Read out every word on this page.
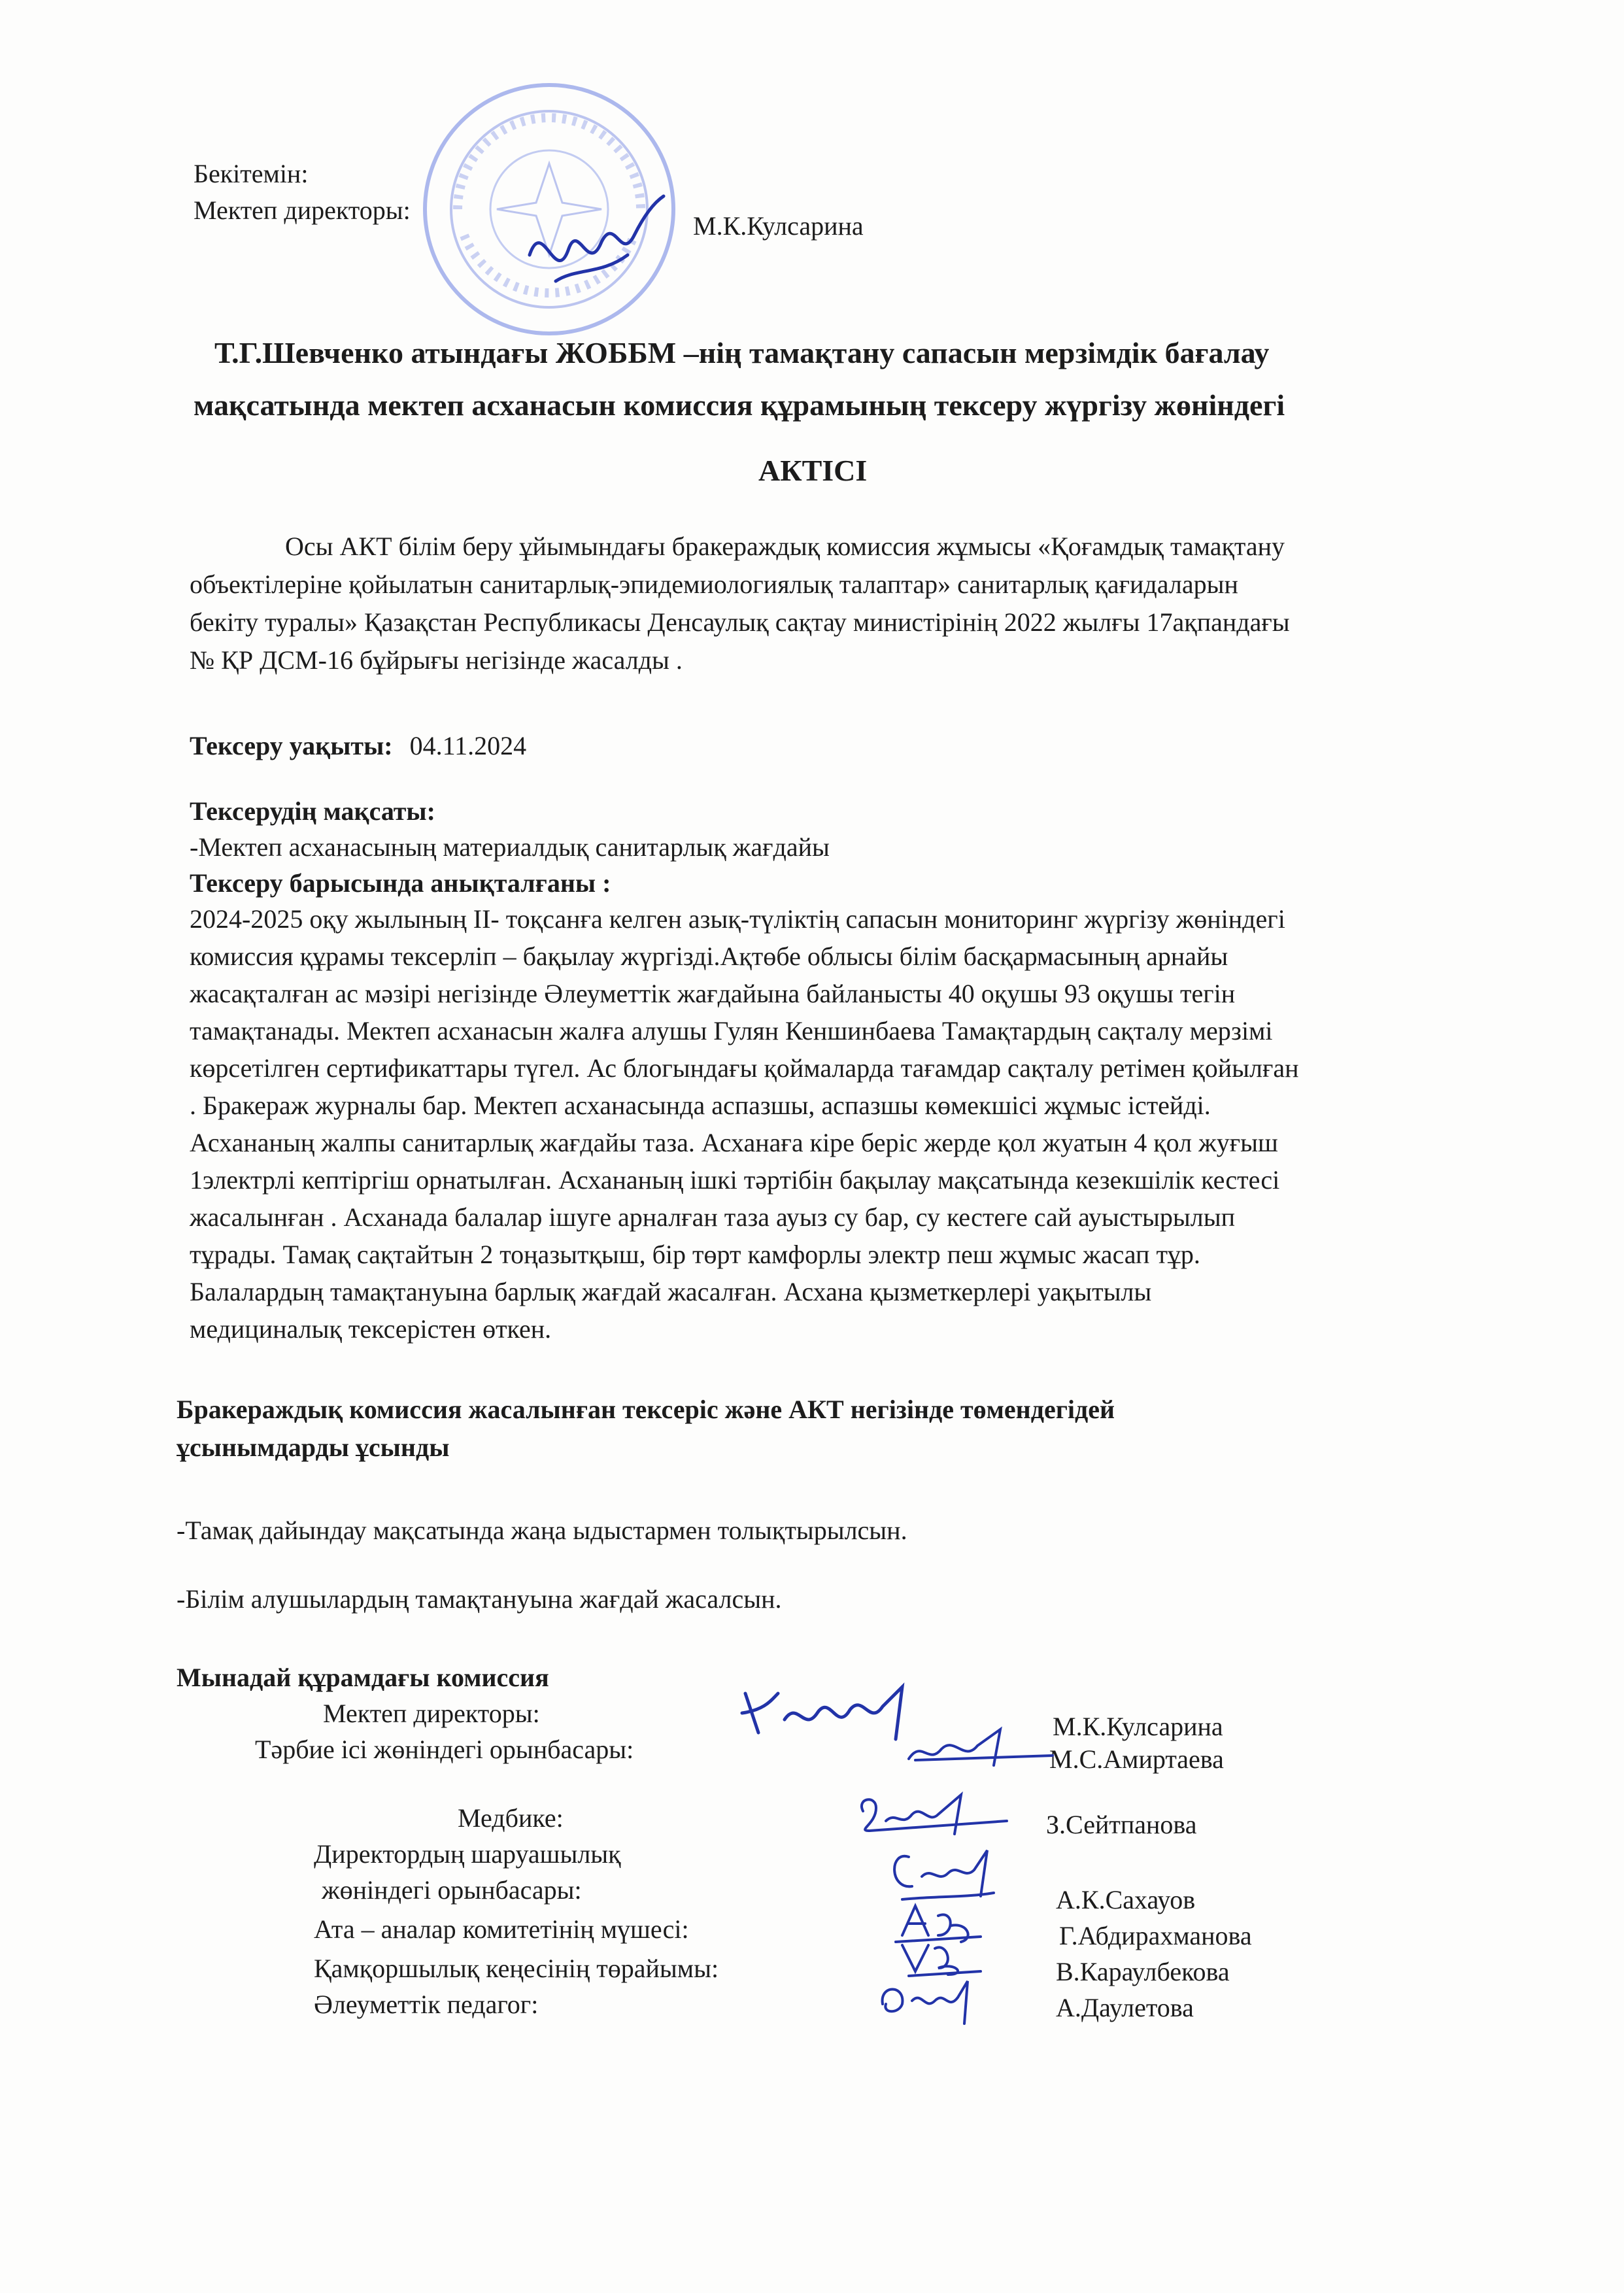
Бекітемін:
Мектеп директоры:
М.К.Кулсарина
Т.Г.Шевченко атындағы ЖОББМ –нің тамақтану сапасын мерзімдік бағалау
мақсатында мектеп асханасын комиссия құрамының тексеру жүргізу жөніндегі
АКТІСІ
Осы АКТ білім беру ұйымындағы бракераждық комиссия жұмысы «Қоғамдық тамақтану
объектілеріне қойылатын санитарлық-эпидемиологиялық талаптар» санитарлық қағидаларын
бекіту туралы» Қазақстан Республикасы Денсаулық сақтау министірінің 2022 жылғы 17ақпандағы
№ ҚР ДСМ-16 бұйрығы негізінде жасалды .
Тексеру уақыты: 04.11.2024
Тексерудің мақсаты:
-Мектеп асханасының материалдық санитарлық жағдайы
Тексеру барысында анықталғаны :
2024-2025 оқу жылының ІІ- тоқсанға келген азық-түліктің сапасын мониторинг жүргізу жөніндегі
комиссия құрамы тексерліп – бақылау жүргізді.Ақтөбе облысы білім басқармасының арнайы
жасақталған ас мәзірі негізінде Әлеуметтік жағдайына байланысты 40 оқушы 93 оқушы тегін
тамақтанады. Мектеп асханасын жалға алушы Гулян Кеншинбаева Тамақтардың сақталу мерзімі
көрсетілген сертификаттары түгел. Ас блогындағы қоймаларда тағамдар сақталу ретімен қойылған
. Бракераж журналы бар. Мектеп асханасында аспазшы, аспазшы көмекшісі жұмыс істейді.
Асхананың жалпы санитарлық жағдайы таза. Асханаға кіре беріс жерде қол жуатын 4 қол жуғыш
1электрлі кептіргіш орнатылған. Асхананың ішкі тәртібін бақылау мақсатында кезекшілік кестесі
жасалынған . Асханада балалар ішуге арналған таза ауыз су бар, су кестеге сай ауыстырылып
тұрады. Тамақ сақтайтын 2 тоңазытқыш, бір төрт камфорлы электр пеш жұмыс жасап тұр.
Балалардың тамақтануына барлық жағдай жасалған. Асхана қызметкерлері уақытылы
медициналық тексерістен өткен.
Бракераждық комиссия жасалынған тексеріс және АКТ негізінде төмендегідей
ұсынымдарды ұсынды
-Тамақ дайындау мақсатында жаңа ыдыстармен толықтырылсын.
-Білім алушылардың тамақтануына жағдай жасалсын.
Мынадай құрамдағы комиссия
Мектеп директоры:	М.К.Кулсарина
Тәрбие ісі жөніндегі орынбасары:	М.С.Амиртаева
Медбике:	З.Сейтпанова
Директордың шаруашылық
жөніндегі орынбасары:	А.К.Сахауов
Ата – аналар комитетінің мүшесі:	Г.Абдирахманова
Қамқоршылық кеңесінің төрайымы:	В.Караулбекова
Әлеуметтік педагог:	А.Даулетова
